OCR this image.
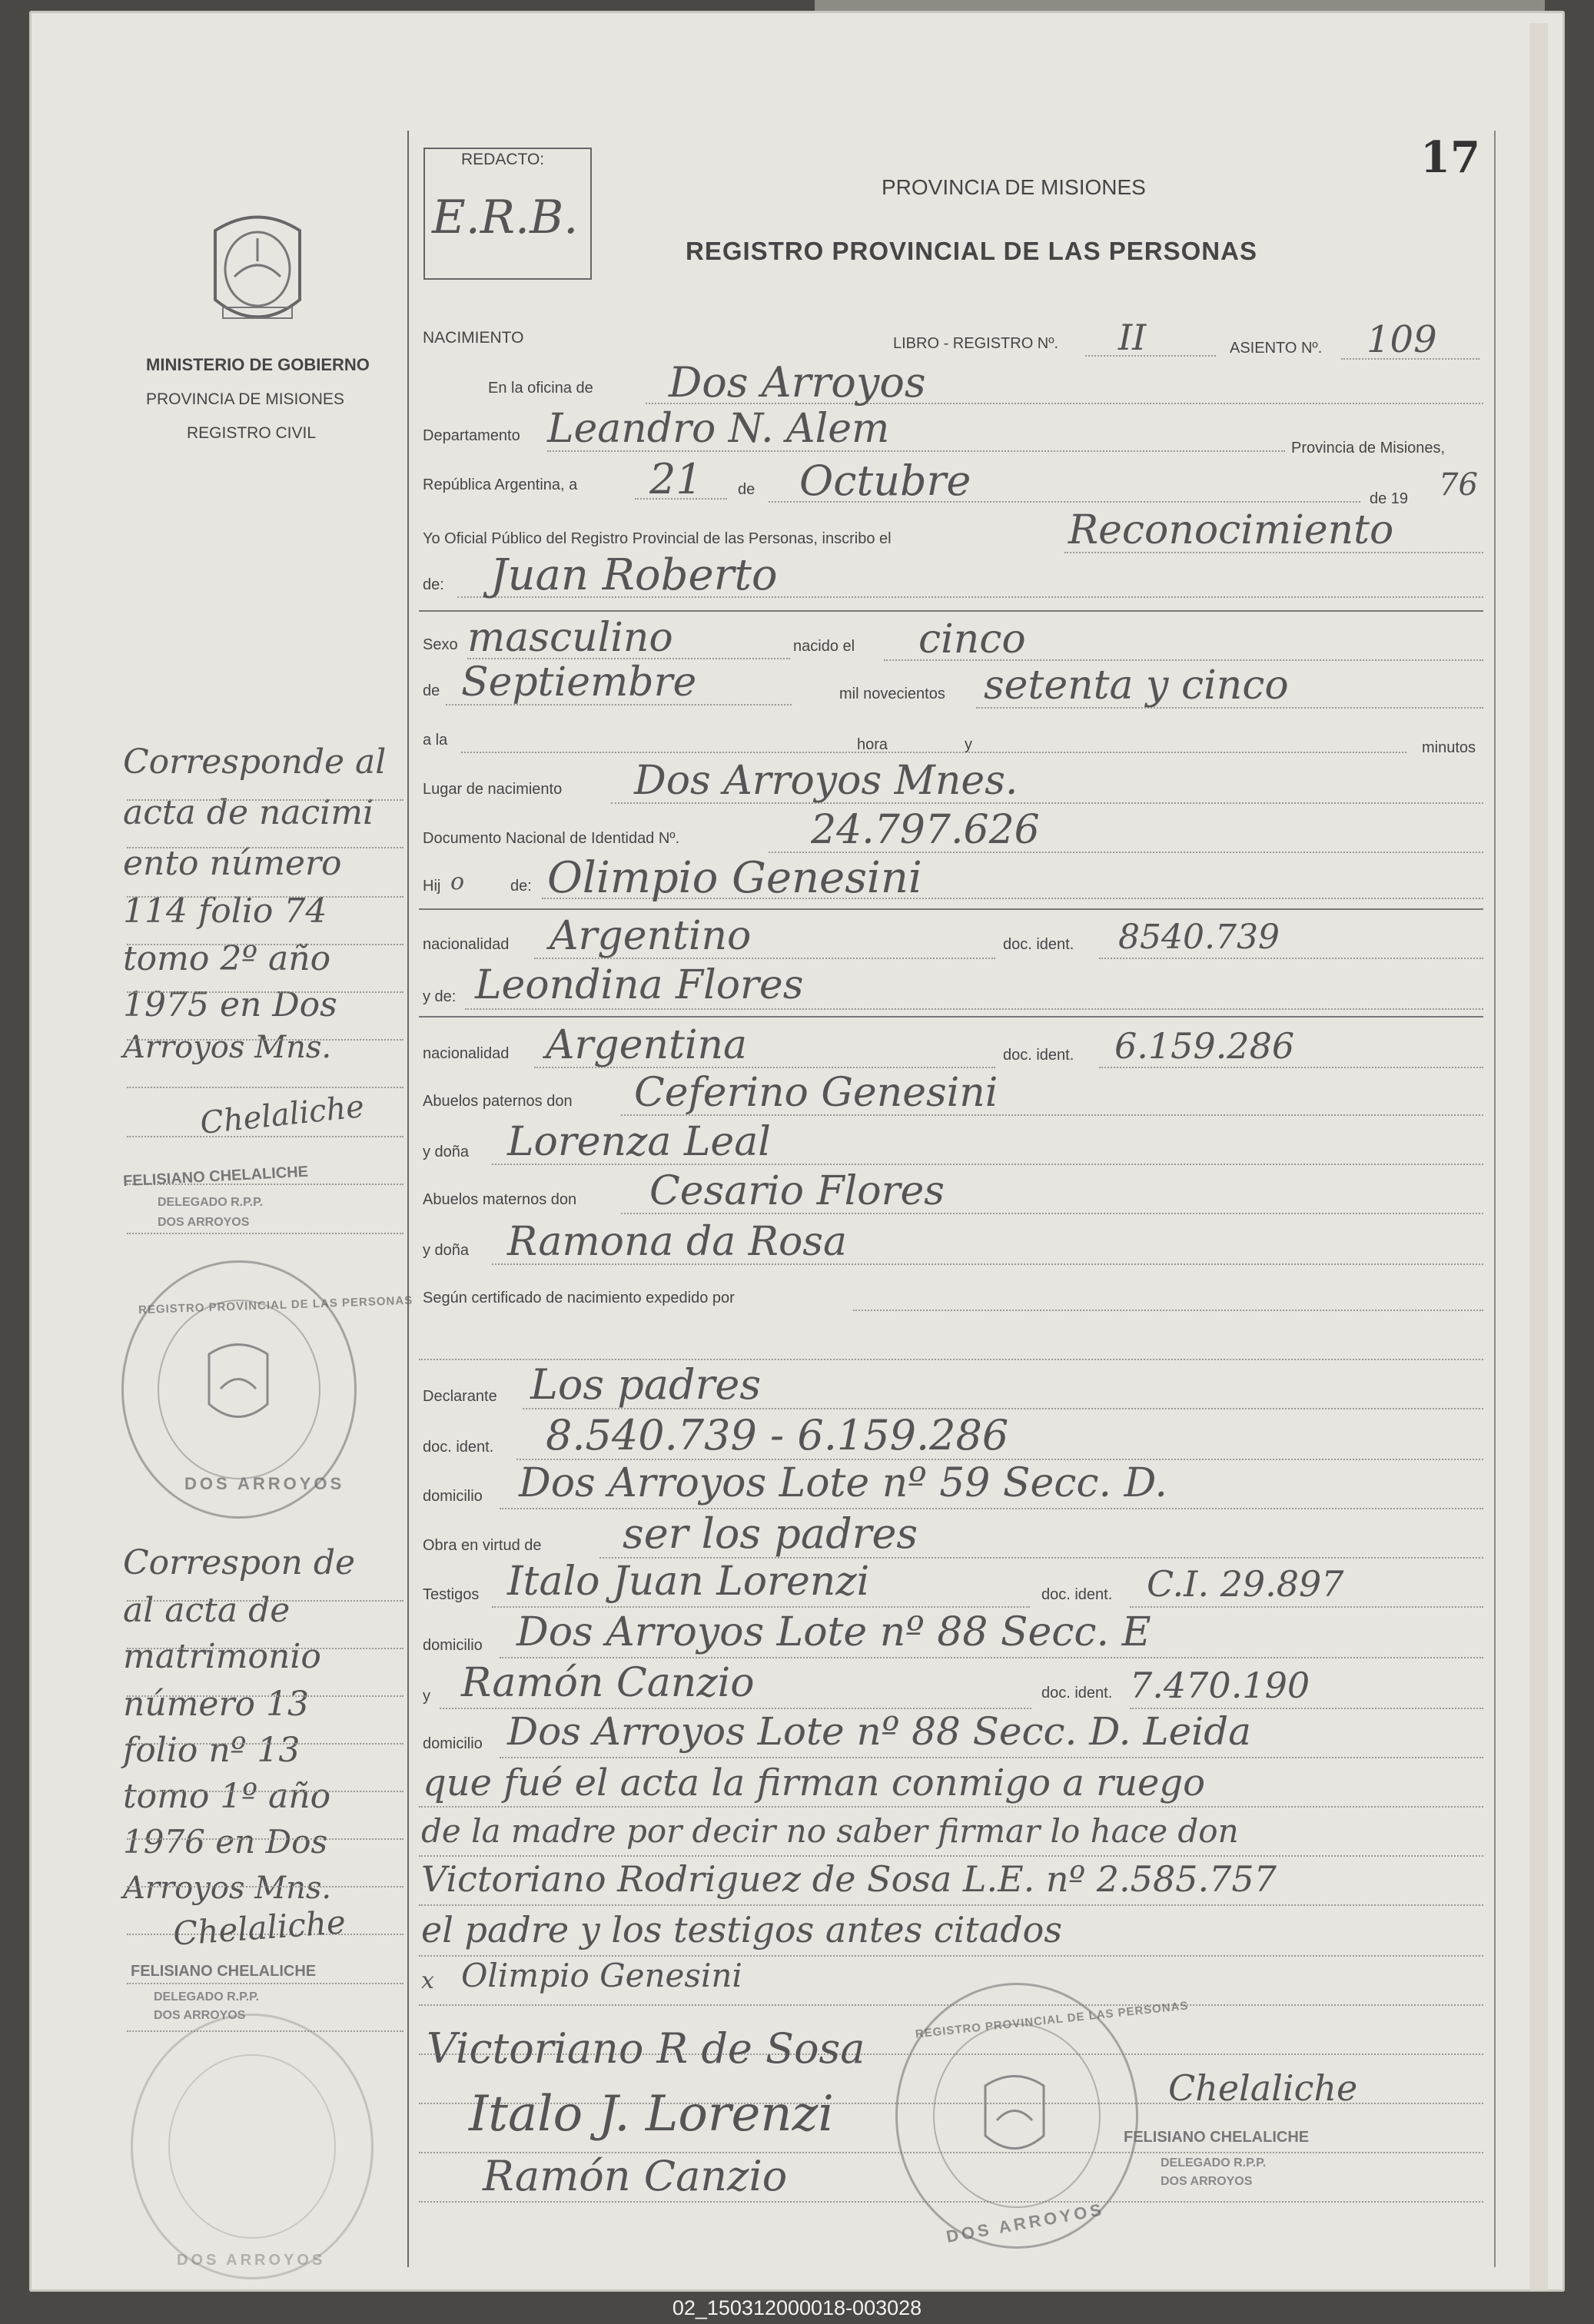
17
REDACTO:
E.R.B.
MINISTERIO DE GOBIERNO
PROVINCIA DE MISIONES
REGISTRO CIVIL
PROVINCIA DE MISIONES
REGISTRO PROVINCIAL DE LAS PERSONAS
NACIMIENTO	LIBRO - REGISTRO Nº. II	ASIENTO Nº. 109
En la oficina de Dos Arroyos
Departamento Leandro N. Alem	Provincia de Misiones,
República Argentina, a 21 de Octubre	de 19 76
Yo Oficial Público del Registro Provincial de las Personas, inscribo el	Reconocimiento
de: Juan Roberto
Sexo masculino	nacido el cinco
de Septiembre	mil novecientos setenta y cinco
a la	hora	y	minutos
Lugar de nacimiento Dos Arroyos Mnes.
Documento Nacional de Identidad Nº.	24.797.626
Hij o	de: Olimpio Genesini
nacionalidad Argentino	doc. ident. 8540.739
y de: Leondina Flores
nacionalidad Argentina	doc. ident. 6.159.286
Abuelos paternos don Ceferino Genesini
y doña Lorenza Leal
Abuelos maternos don Cesario Flores
y doña Ramona da Rosa
Según certificado de nacimiento expedido por
Declarante Los padres
doc. ident. 8.540.739 - 6.159.286
domicilio Dos Arroyos Lote nº 59 Secc. D.
Obra en virtud de ser los padres
Testigos Italo Juan Lorenzi	doc. ident. C.I. 29.897
domicilio Dos Arroyos Lote nº 88 Secc. E
y Ramón Canzio	doc. ident. 7.470.190
domicilio Dos Arroyos Lote nº 88 Secc. D. Leida
que fué el acta la firman conmigo a ruego
de la madre por decir no saber firmar lo hace don
Victoriano Rodriguez de Sosa L.E. nº 2.585.757
el padre y los testigos antes citados
Corresponde al
acta de nacimi
ento número
114 folio 74
tomo 2º año
1975 en Dos
Arroyos Mns.
Chelaliche
FELISIANO CHELALICHE
DELEGADO R.P.P.
DOS ARROYOS
REGISTRO PROVINCIAL DE LAS PERSONAS
DOS ARROYOS
Correspon de
al acta de
matrimonio
número 13
folio nº 13
tomo 1º año
1976 en Dos
Arroyos Mns.
Chelaliche
FELISIANO CHELALICHE
DELEGADO R.P.P.
DOS ARROYOS
DOS ARROYOS
x Olimpio Genesini
Victoriano R de Sosa
Italo J. Lorenzi
Ramón Canzio
REGISTRO PROVINCIAL DE LAS PERSONAS
DOS ARROYOS
Chelaliche
FELISIANO CHELALICHE
DELEGADO R.P.P.
DOS ARROYOS
02_150312000018-003028
